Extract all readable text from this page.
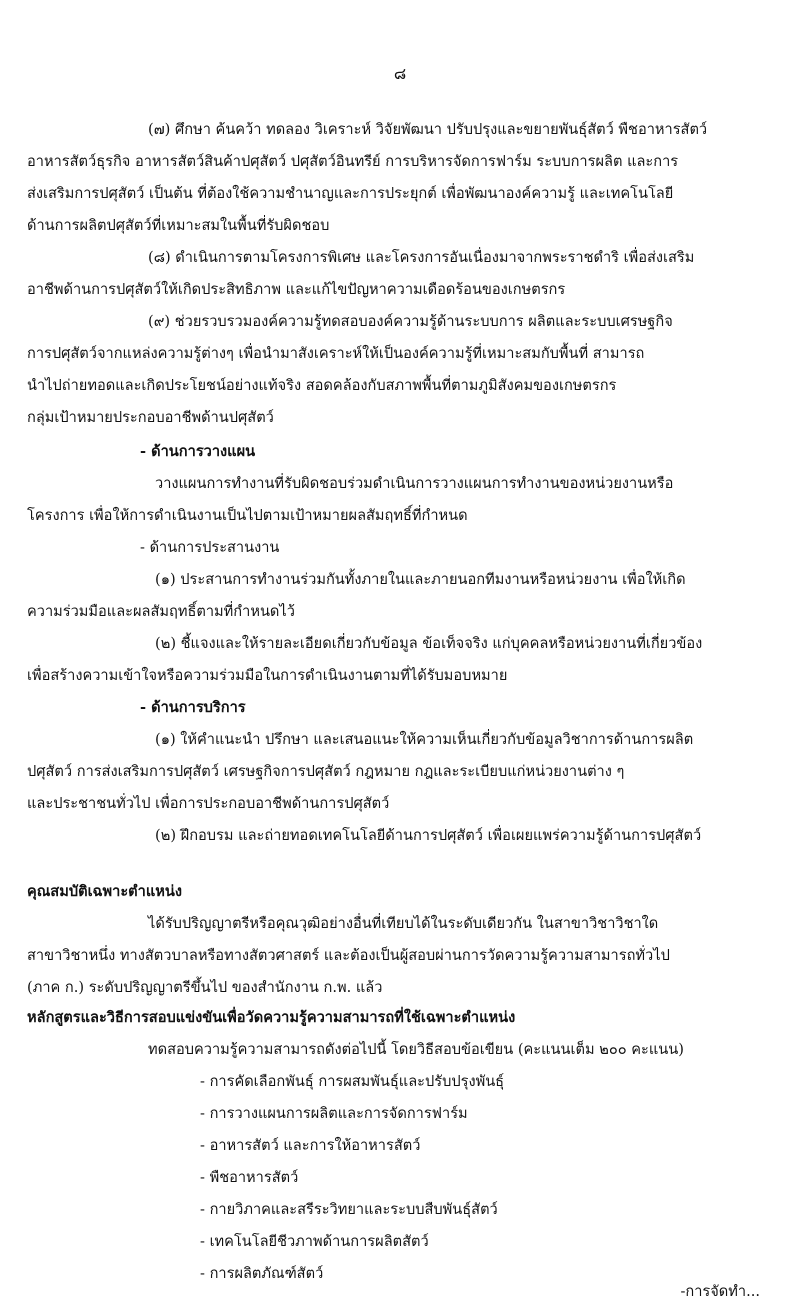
๘
(๗) ศึกษา ค้นคว้า ทดลอง วิเคราะห์ วิจัยพัฒนา ปรับปรุงและขยายพันธุ์สัตว์ พืชอาหารสัตว์
อาหารสัตว์ธุรกิจ อาหารสัตว์สินค้าปศุสัตว์ ปศุสัตว์อินทรีย์ การบริหารจัดการฟาร์ม ระบบการผลิต และการ
ส่งเสริมการปศุสัตว์ เป็นต้น ที่ต้องใช้ความชำนาญและการประยุกต์ เพื่อพัฒนาองค์ความรู้ และเทคโนโลยี
ด้านการผลิตปศุสัตว์ที่เหมาะสมในพื้นที่รับผิดชอบ
(๘) ดำเนินการตามโครงการพิเศษ และโครงการอันเนื่องมาจากพระราชดำริ เพื่อส่งเสริม
อาชีพด้านการปศุสัตว์ให้เกิดประสิทธิภาพ และแก้ไขปัญหาความเดือดร้อนของเกษตรกร
(๙) ช่วยรวบรวมองค์ความรู้ทดสอบองค์ความรู้ด้านระบบการ ผลิตและระบบเศรษฐกิจ
การปศุสัตว์จากแหล่งความรู้ต่างๆ เพื่อนำมาสังเคราะห์ให้เป็นองค์ความรู้ที่เหมาะสมกับพื้นที่ สามารถ
นำไปถ่ายทอดและเกิดประโยชน์อย่างแท้จริง สอดคล้องกับสภาพพื้นที่ตามภูมิสังคมของเกษตรกร
กลุ่มเป้าหมายประกอบอาชีพด้านปศุสัตว์
- ด้านการวางแผน
วางแผนการทำงานที่รับผิดชอบร่วมดำเนินการวางแผนการทำงานของหน่วยงานหรือ
โครงการ เพื่อให้การดำเนินงานเป็นไปตามเป้าหมายผลสัมฤทธิ์ที่กำหนด
- ด้านการประสานงาน
(๑) ประสานการทำงานร่วมกันทั้งภายในและภายนอกทีมงานหรือหน่วยงาน เพื่อให้เกิด
ความร่วมมือและผลสัมฤทธิ์ตามที่กำหนดไว้
(๒) ชี้แจงและให้รายละเอียดเกี่ยวกับข้อมูล ข้อเท็จจริง แก่บุคคลหรือหน่วยงานที่เกี่ยวข้อง
เพื่อสร้างความเข้าใจหรือความร่วมมือในการดำเนินงานตามที่ได้รับมอบหมาย
- ด้านการบริการ
(๑) ให้คำแนะนำ ปรึกษา และเสนอแนะให้ความเห็นเกี่ยวกับข้อมูลวิชาการด้านการผลิต
ปศุสัตว์ การส่งเสริมการปศุสัตว์ เศรษฐกิจการปศุสัตว์ กฎหมาย กฎและระเบียบแก่หน่วยงานต่าง ๆ
และประชาชนทั่วไป เพื่อการประกอบอาชีพด้านการปศุสัตว์
(๒) ฝึกอบรม และถ่ายทอดเทคโนโลยีด้านการปศุสัตว์ เพื่อเผยแพร่ความรู้ด้านการปศุสัตว์
คุณสมบัติเฉพาะตำแหน่ง
ได้รับปริญญาตรีหรือคุณวุฒิอย่างอื่นที่เทียบได้ในระดับเดียวกัน ในสาขาวิชาวิชาใด
สาขาวิชาหนึ่ง ทางสัตวบาลหรือทางสัตวศาสตร์ และต้องเป็นผู้สอบผ่านการวัดความรู้ความสามารถทั่วไป
(ภาค ก.) ระดับปริญญาตรีขึ้นไป ของสำนักงาน ก.พ. แล้ว
หลักสูตรและวิธีการสอบแข่งขันเพื่อวัดความรู้ความสามารถที่ใช้เฉพาะตำแหน่ง
ทดสอบความรู้ความสามารถดังต่อไปนี้ โดยวิธีสอบข้อเขียน (คะแนนเต็ม ๒๐๐ คะแนน)
- การคัดเลือกพันธุ์ การผสมพันธุ์และปรับปรุงพันธุ์
- การวางแผนการผลิตและการจัดการฟาร์ม
- อาหารสัตว์ และการให้อาหารสัตว์
- พืชอาหารสัตว์
- กายวิภาคและสรีระวิทยาและระบบสืบพันธุ์สัตว์
- เทคโนโลยีชีวภาพด้านการผลิตสัตว์
- การผลิตภัณฑ์สัตว์
-การจัดทำ...
